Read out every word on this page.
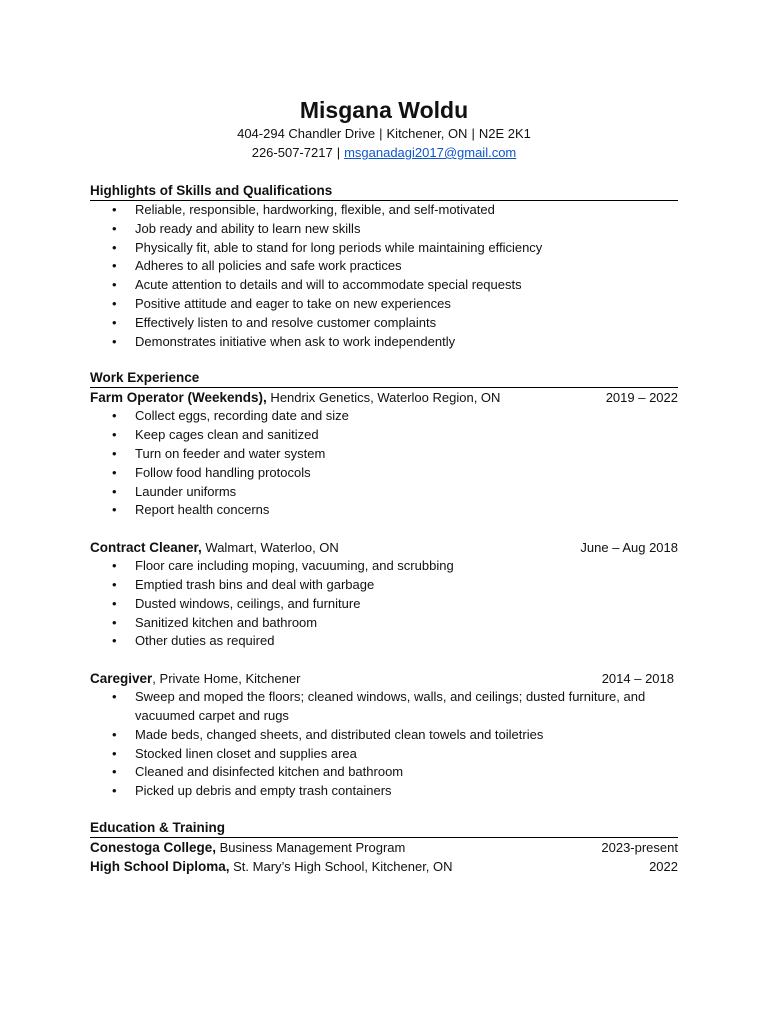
Misgana Woldu
404-294 Chandler Drive | Kitchener, ON | N2E 2K1
226-507-7217 | msganadagi2017@gmail.com
Highlights of Skills and Qualifications
• Reliable, responsible, hardworking, flexible, and self-motivated
• Job ready and ability to learn new skills
• Physically fit, able to stand for long periods while maintaining efficiency
• Adheres to all policies and safe work practices
• Acute attention to details and will to accommodate special requests
• Positive attitude and eager to take on new experiences
• Effectively listen to and resolve customer complaints
• Demonstrates initiative when ask to work independently
Work Experience
Farm Operator (Weekends), Hendrix Genetics, Waterloo Region, ON	2019 – 2022
• Collect eggs, recording date and size
• Keep cages clean and sanitized
• Turn on feeder and water system
• Follow food handling protocols
• Launder uniforms
• Report health concerns
Contract Cleaner, Walmart, Waterloo, ON	June – Aug 2018
• Floor care including moping, vacuuming, and scrubbing
• Emptied trash bins and deal with garbage
• Dusted windows, ceilings, and furniture
• Sanitized kitchen and bathroom
• Other duties as required
Caregiver, Private Home, Kitchener	2014 – 2018
• Sweep and moped the floors; cleaned windows, walls, and ceilings; dusted furniture, and vacuumed carpet and rugs
• Made beds, changed sheets, and distributed clean towels and toiletries
• Stocked linen closet and supplies area
• Cleaned and disinfected kitchen and bathroom
• Picked up debris and empty trash containers
Education & Training
Conestoga College, Business Management Program	2023-present
High School Diploma, St. Mary’s High School, Kitchener, ON	2022
